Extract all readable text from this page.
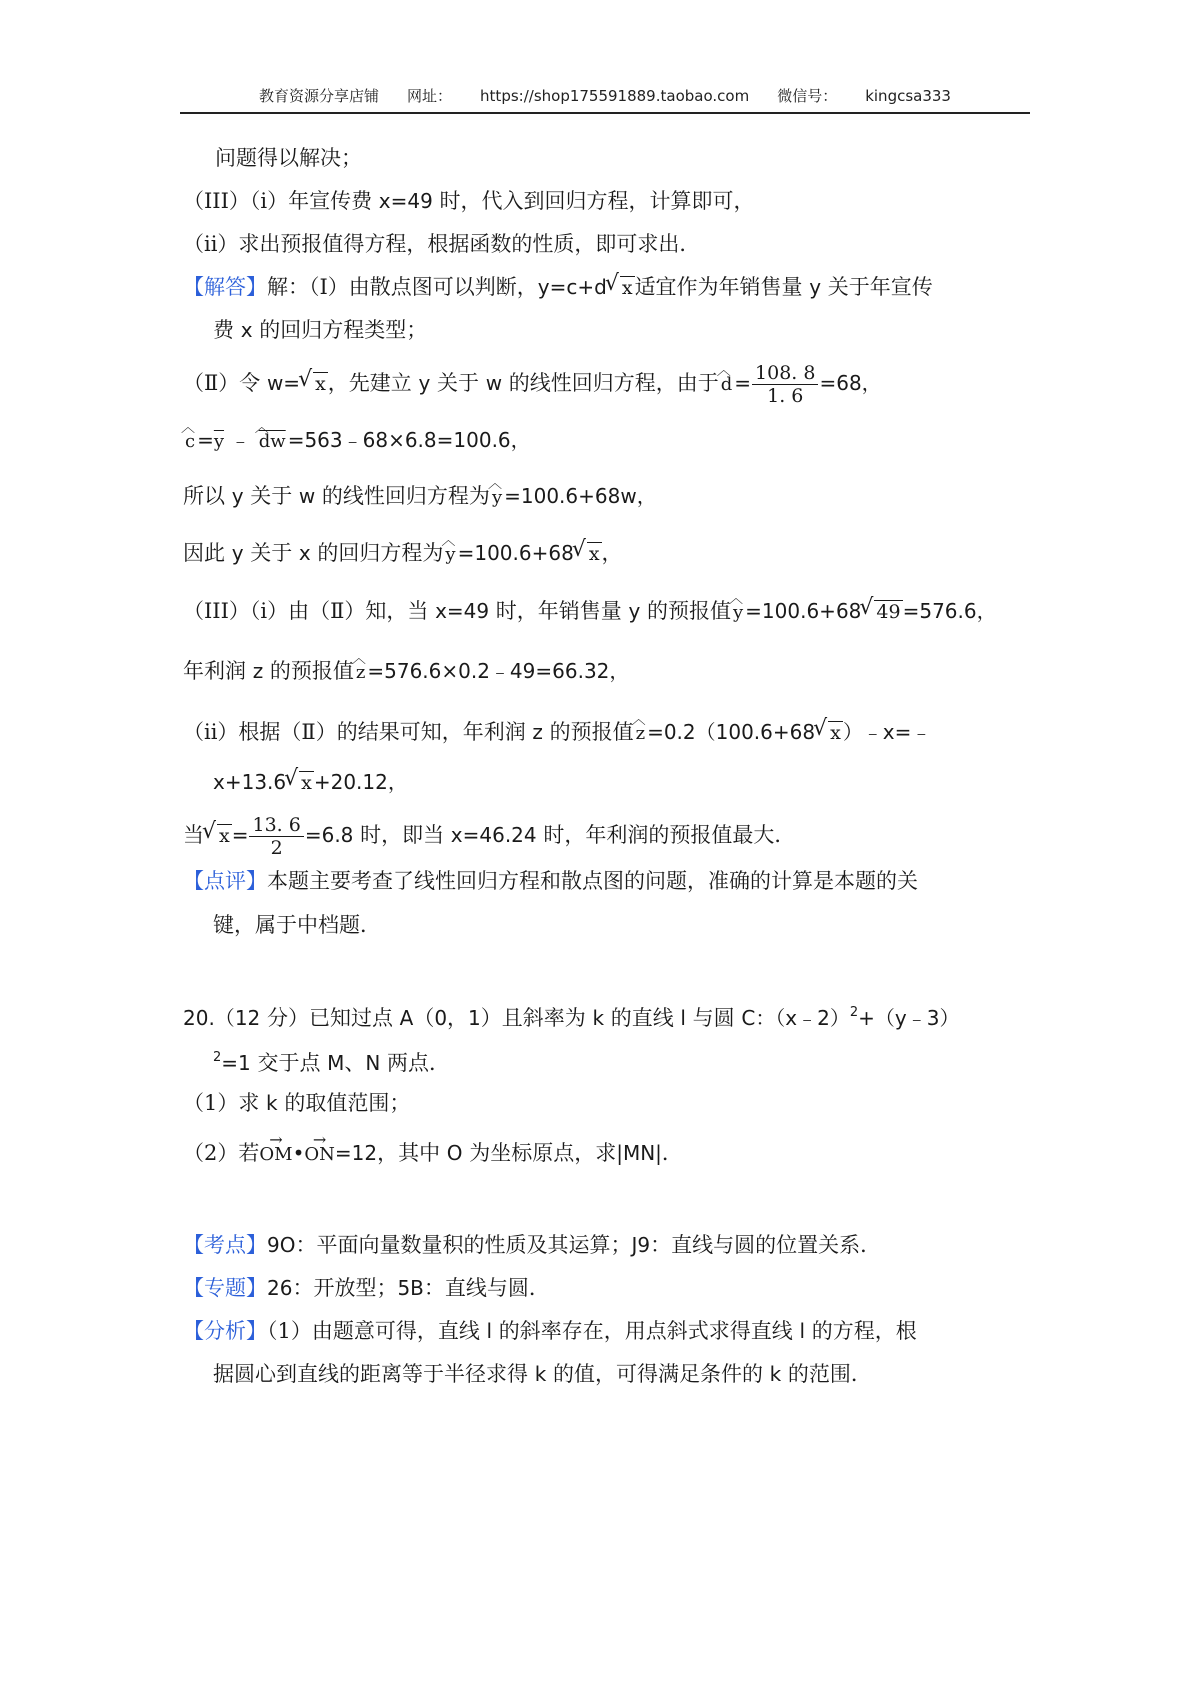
教育资源分享店铺 网址： https://shop175591889.taobao.com 微信号： kingcsa333
问题得以解决；
（III）（i）年宣传费 x=49 时，代入到回归方程，计算即可，
（ii）求出预报值得方程，根据函数的性质，即可求出．
【解答】解：（Ⅰ）由散点图可以判断，y=c+d √ x适宜作为年销售量 y 关于年宣传
费 x 的回归方程类型；
（Ⅱ）令 w= √ x，先建立 y 关于 w 的线性回归方程，由于 ︿ $d = \frac{108. 8}{1. 6} =68$，
︿ $c =\overline{y}$ ﹣ ︿ $\overline{dw}$ =563﹣68×6.8=100.6，
所以 y 关于 w 的线性回归方程为 ︿ y =100.6+68w，
因此 y 关于 x 的回归方程为 ︿ y =100.6+68 √ x，
（III）（i）由（Ⅱ）知，当 x=49 时，年销售量 y 的预报值 ︿ y =100.6+68 √ 49 =576.6，
年利润 z 的预报值 ︿ z =576.6×0.2﹣49=66.32，
（ii）根据（Ⅱ）的结果可知，年利润 z 的预报值 ︿ z =0.2（100.6+68 √ x ）﹣x=﹣
x+13.6 √ x +20.12，
当 √ $x = \frac{13. 6}{2} =6.8$ 时，即当 x=46.24 时，年利润的预报值最大．
【点评】本题主要考查了线性回归方程和散点图的问题，准确的计算是本题的关
键，属于中档题．
20.（12 分）已知过点 A（0，1）且斜率为 k 的直线 l 与圆 C：（x﹣2）$^2$+（y﹣3）
$^2$=1 交于点 M、N 两点．
（1）求 k 的取值范围；
（2）若→ OM•→ ON=12，其中 O 为坐标原点，求|MN|．
【考点】9O：平面向量数量积的性质及其运算；J9：直线与圆的位置关系．
【专题】26：开放型；5B：直线与圆．
【分析】（1）由题意可得，直线 l 的斜率存在，用点斜式求得直线 l 的方程，根
据圆心到直线的距离等于半径求得 k 的值，可得满足条件的 k 的范围．
